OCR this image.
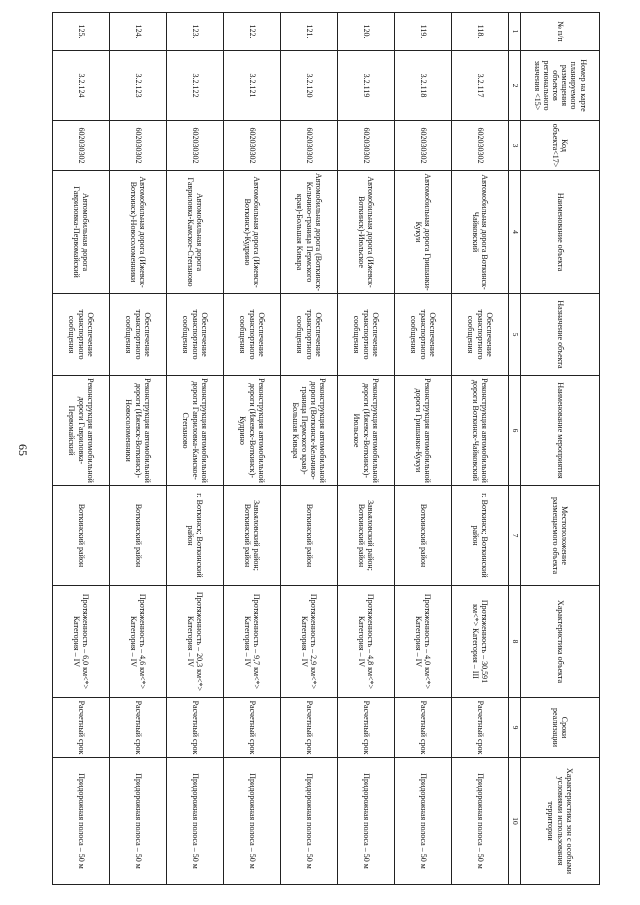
65
№ п/п	Номер на карте планируемого размещения объектов регионального значения <15>	Код объекта<17>	Наименование объекта	Назначение объекта	Наименование мероприятия	Местоположение размещаемого объекта	Характеристика объекта	Сроки реализации	Характеристика зон с особыми условиями использования территории
1	2	3	4	5	6	7	8	9	10
118.	3.2.117	602030302	Автомобильная дорога Воткинск-Чайковский	Обеспечение транспортного сообщения	Реконструкция автомобильной дороги Воткинск-Чайковский	г. Воткинск; Воткинский район	Протяженность – 30,591 км<*> Категория – III	Расчетный срок	Придорожная полоса – 50 м
119.	3.2.118	602030302	Автомобильная дорога Гришанки-Кукуи	Обеспечение транспортного сообщения	Реконструкция автомобильной дороги Гришанки-Кукуи	Воткинский район	Протяженность – 4,0 км<*> Категория – IV	Расчетный срок	Придорожная полоса – 50 м
120.	3.2.119	602030302	Автомобильная дорога (Ижевск-Воткинск)-Июльское	Обеспечение транспортного сообщения	Реконструкция автомобильной дороги (Ижевск-Воткинск)-Июльское	Завьяловский район; Воткинский район	Протяженность – 4,8 км<*> Категория – IV	Расчетный срок	Придорожная полоса – 50 м
121.	3.2.120	602030302	Автомобильная дорога (Воткинск-Кельчино-граница Пермского края)-Большая Кивара	Обеспечение транспортного сообщения	Реконструкция автомобильной дороги (Воткинск-Кельчино-граница Пермского края)-Большая Кивара	Воткинский район	Протяженность – 2,9 км<*> Категория – IV	Расчетный срок	Придорожная полоса – 50 м
122.	3.2.121	602030302	Автомобильная дорога (Ижевск-Воткинск)-Кудрино	Обеспечение транспортного сообщения	Реконструкция автомобильной дороги (Ижевск-Воткинск)-Кудрино	Завьяловский район; Воткинский район	Протяженность – 9,7 км<*> Категория – IV	Расчетный срок	Придорожная полоса – 50 м
123.	3.2.122	602030302	Автомобильная дорога Гавриловка-Камское-Степаново	Обеспечение транспортного сообщения	Реконструкция автомобильной дороги Гавриловка-Камское-Степаново	г. Воткинск; Воткинский район	Протяженность – 20,3 км<*> Категория – IV	Расчетный срок	Придорожная полоса – 50 м
124.	3.2.123	602030302	Автомобильная дорога (Ижевск-Воткинск)-Новосоломенники	Обеспечение транспортного сообщения	Реконструкция автомобильной дороги (Ижевск-Воткинск)-Новосоломенники	Воткинский район	Протяженность – 4,6 км<*> Категория – IV	Расчетный срок	Придорожная полоса – 50 м
125.	3.2.124	602030302	Автомобильная дорога Гавриловка-Первомайский	Обеспечение транспортного сообщения	Реконструкция автомобильной дороги Гавриловка-Первомайский	Воткинский район	Протяженность – 6,0 км<*> Категория – IV	Расчетный срок	Придорожная полоса – 50 м
